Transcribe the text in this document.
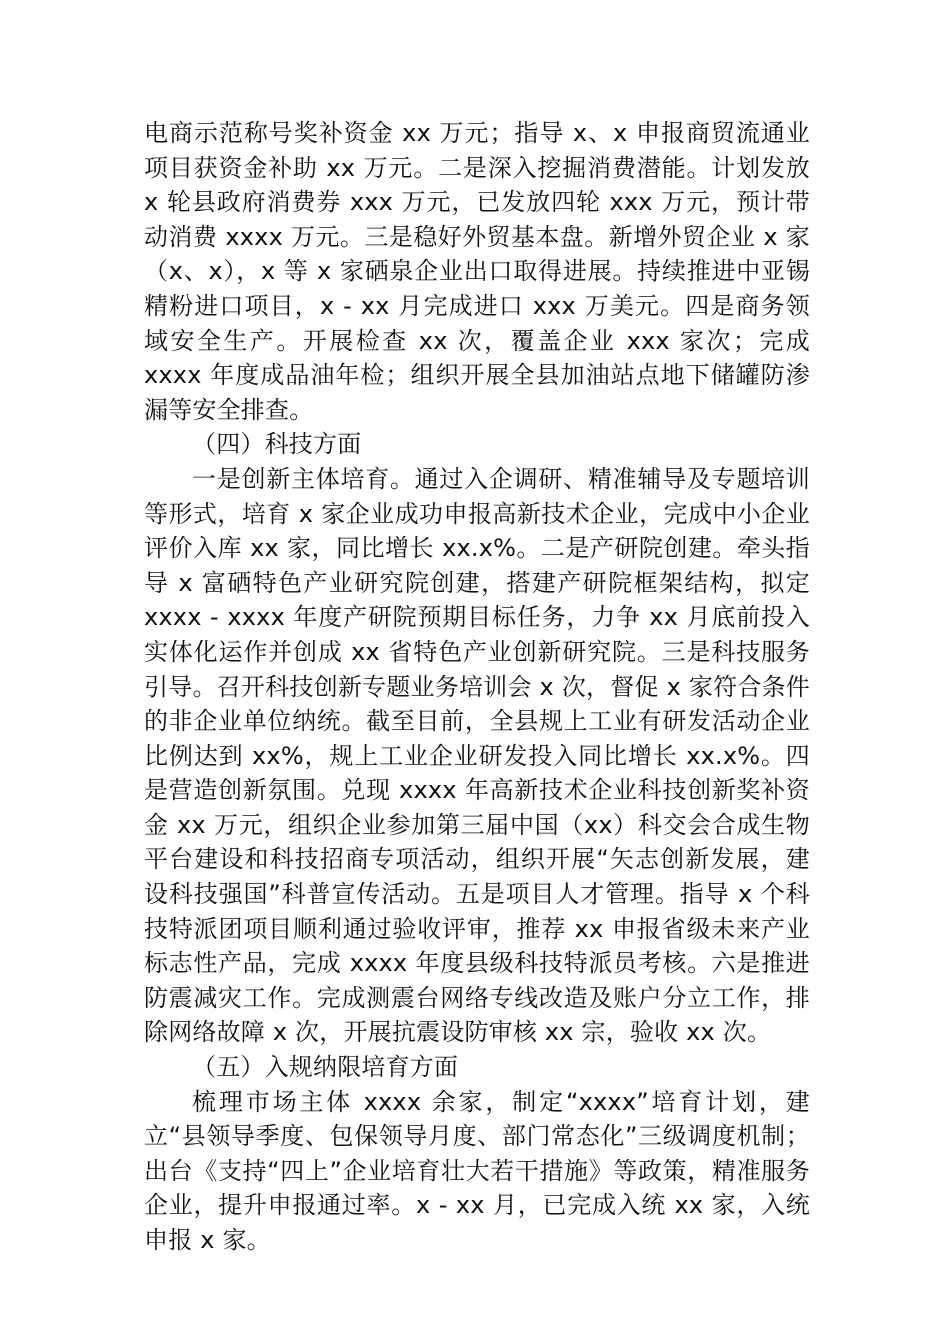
电商示范称号奖补资金 xx 万元；指导 x、x 申报商贸流通业项目获资金补助 xx 万元。二是深入挖掘消费潜能。计划发放 x 轮县政府消费券 xxx 万元，已发放四轮 xxx 万元，预计带动消费 xxxx 万元。三是稳好外贸基本盘。新增外贸企业 x 家（x、x），x 等 x 家硒泉企业出口取得进展。持续推进中亚锡精粉进口项目，x - xx 月完成进口 xxx 万美元。四是商务领域安全生产。开展检查 xx 次，覆盖企业 xxx 家次；完成 xxxx 年度成品油年检；组织开展全县加油站点地下储罐防渗漏等安全排查。

（四）科技方面

一是创新主体培育。通过入企调研、精准辅导及专题培训等形式，培育 x 家企业成功申报高新技术企业，完成中小企业评价入库 xx 家，同比增长 xx.x%。二是产研院创建。牵头指导 x 富硒特色产业研究院创建，搭建产研院框架结构，拟定 xxxx - xxxx 年度产研院预期目标任务，力争 xx 月底前投入实体化运作并创成 xx 省特色产业创新研究院。三是科技服务引导。召开科技创新专题业务培训会 x 次，督促 x 家符合条件的非企业单位纳统。截至目前，全县规上工业有研发活动企业比例达到 xx%，规上工业企业研发投入同比增长 xx.x%。四是营造创新氛围。兑现 xxxx 年高新技术企业科技创新奖补资金 xx 万元，组织企业参加第三届中国（xx）科交会合成生物平台建设和科技招商专项活动，组织开展“矢志创新发展，建设科技强国”科普宣传活动。五是项目人才管理。指导 x 个科技特派团项目顺利通过验收评审，推荐 xx 申报省级未来产业标志性产品，完成 xxxx 年度县级科技特派员考核。六是推进防震减灾工作。完成测震台网络专线改造及账户分立工作，排除网络故障 x 次，开展抗震设防审核 xx 宗，验收 xx 次。

（五）入规纳限培育方面

梳理市场主体 xxxx 余家，制定“xxxx”培育计划，建立“县领导季度、包保领导月度、部门常态化”三级调度机制；出台《支持“四上”企业培育壮大若干措施》等政策，精准服务企业，提升申报通过率。x - xx 月，已完成入统 xx 家，入统申报 x 家。
